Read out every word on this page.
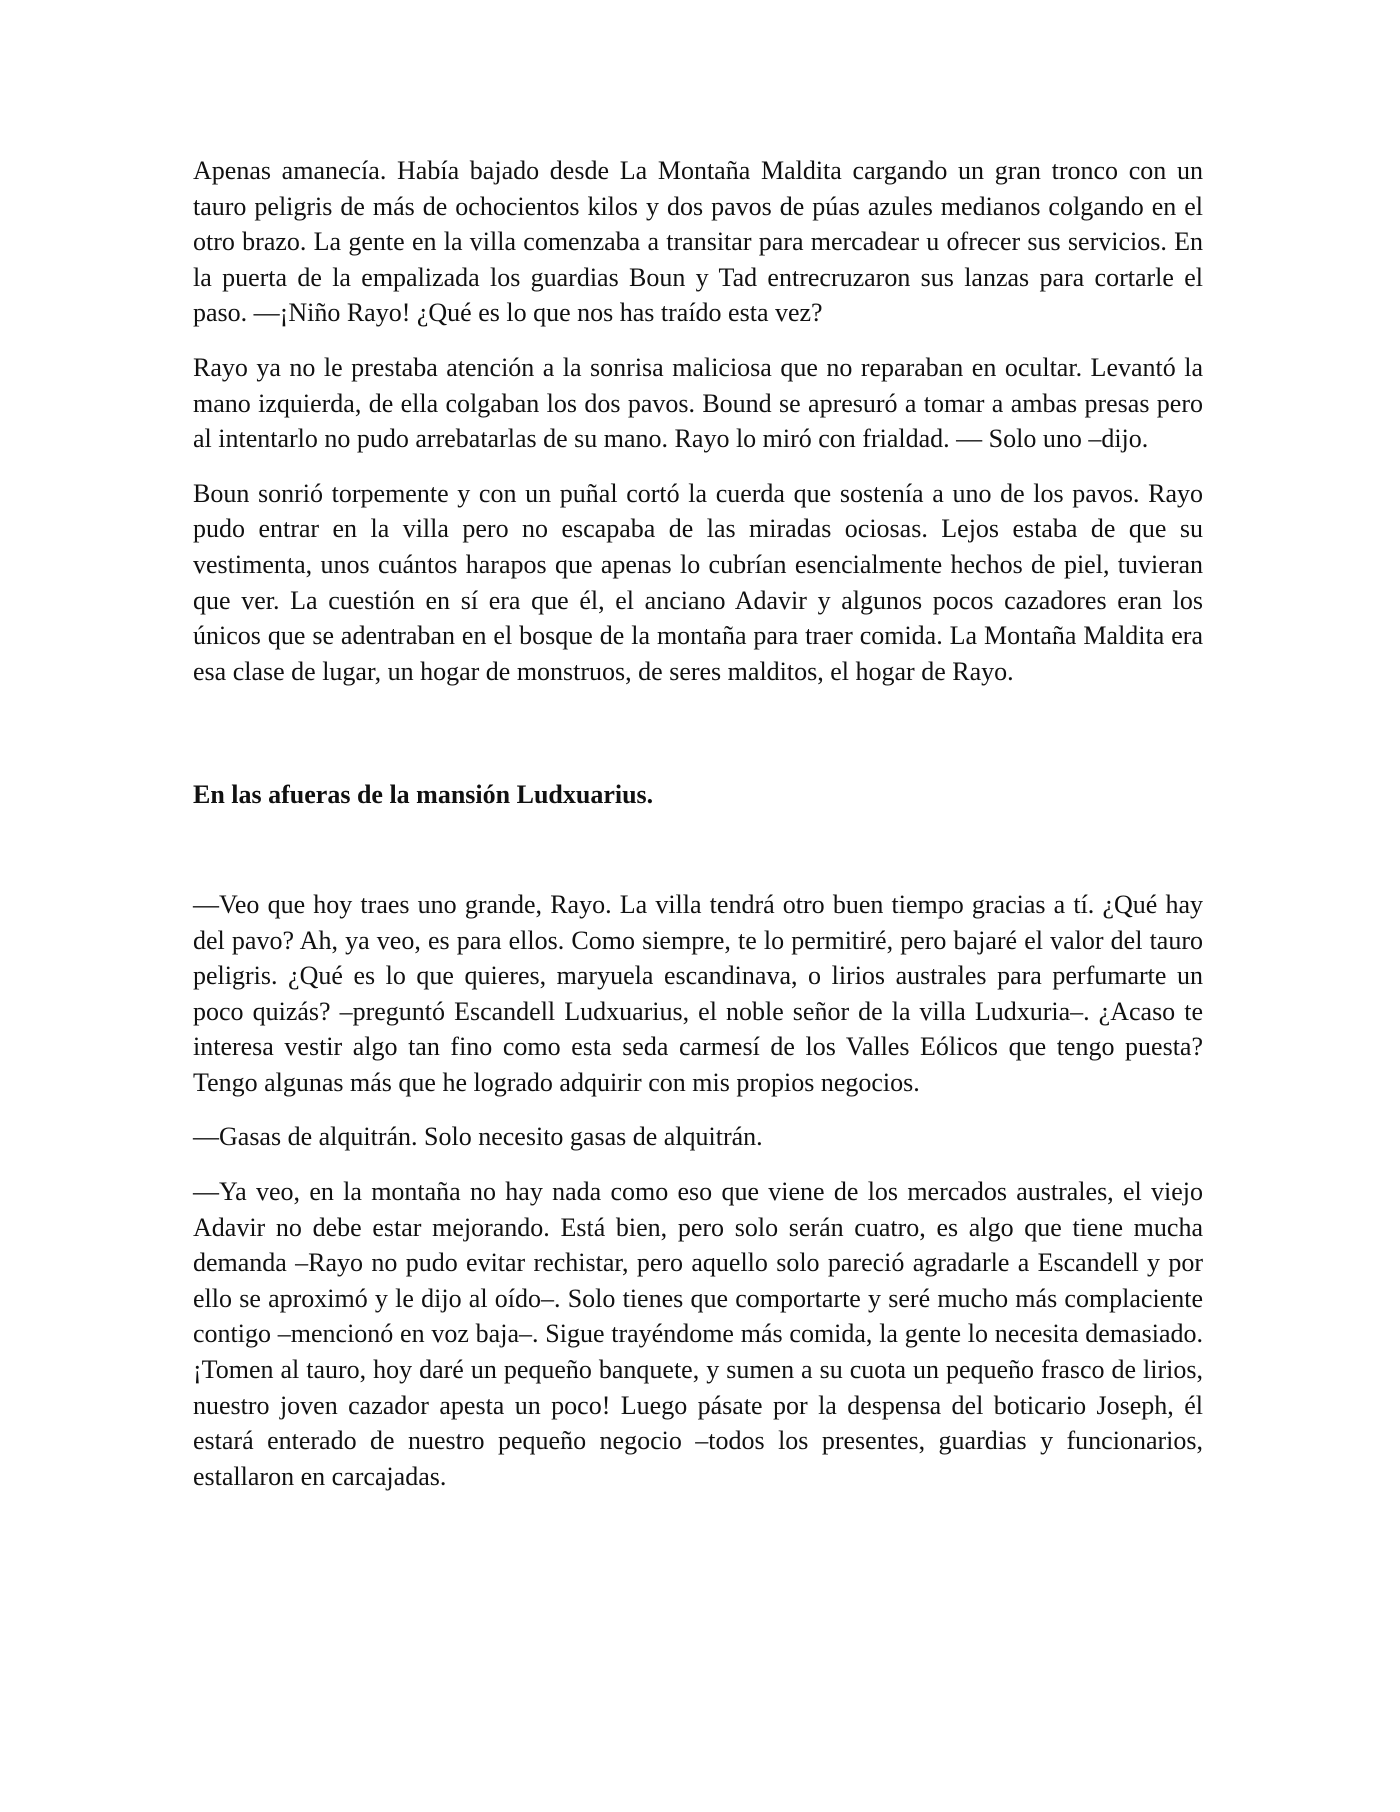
Apenas amanecía. Había bajado desde La Montaña Maldita cargando un gran tronco con un tauro peligris de más de ochocientos kilos y dos pavos de púas azules medianos colgando en el otro brazo. La gente en la villa comenzaba a transitar para mercadear u ofrecer sus servicios. En la puerta de la empalizada los guardias Boun y Tad entrecruzaron sus lanzas para cortarle el paso. —¡Niño Rayo! ¿Qué es lo que nos has traído esta vez?

Rayo ya no le prestaba atención a la sonrisa maliciosa que no reparaban en ocultar. Levantó la mano izquierda, de ella colgaban los dos pavos. Bound se apresuró a tomar a ambas presas pero al intentarlo no pudo arrebatarlas de su mano. Rayo lo miró con frialdad. — Solo uno –dijo.

Boun sonrió torpemente y con un puñal cortó la cuerda que sostenía a uno de los pavos. Rayo pudo entrar en la villa pero no escapaba de las miradas ociosas. Lejos estaba de que su vestimenta, unos cuántos harapos que apenas lo cubrían esencialmente hechos de piel, tuvieran que ver. La cuestión en sí era que él, el anciano Adavir y algunos pocos cazadores eran los únicos que se adentraban en el bosque de la montaña para traer comida. La Montaña Maldita era esa clase de lugar, un hogar de monstruos, de seres malditos, el hogar de Rayo.

En las afueras de la mansión Ludxuarius.

—Veo que hoy traes uno grande, Rayo. La villa tendrá otro buen tiempo gracias a tí. ¿Qué hay del pavo? Ah, ya veo, es para ellos. Como siempre, te lo permitiré, pero bajaré el valor del tauro peligris. ¿Qué es lo que quieres, maryuela escandinava, o lirios australes para perfumarte un poco quizás? –preguntó Escandell Ludxuarius, el noble señor de la villa Ludxuria–. ¿Acaso te interesa vestir algo tan fino como esta seda carmesí de los Valles Eólicos que tengo puesta? Tengo algunas más que he logrado adquirir con mis propios negocios.

—Gasas de alquitrán. Solo necesito gasas de alquitrán.

—Ya veo, en la montaña no hay nada como eso que viene de los mercados australes, el viejo Adavir no debe estar mejorando. Está bien, pero solo serán cuatro, es algo que tiene mucha demanda –Rayo no pudo evitar rechistar, pero aquello solo pareció agradarle a Escandell y por ello se aproximó y le dijo al oído–. Solo tienes que comportarte y seré mucho más complaciente contigo –mencionó en voz baja–. Sigue trayéndome más comida, la gente lo necesita demasiado. ¡Tomen al tauro, hoy daré un pequeño banquete, y sumen a su cuota un pequeño frasco de lirios, nuestro joven cazador apesta un poco! Luego pásate por la despensa del boticario Joseph, él estará enterado de nuestro pequeño negocio –todos los presentes, guardias y funcionarios, estallaron en carcajadas.
